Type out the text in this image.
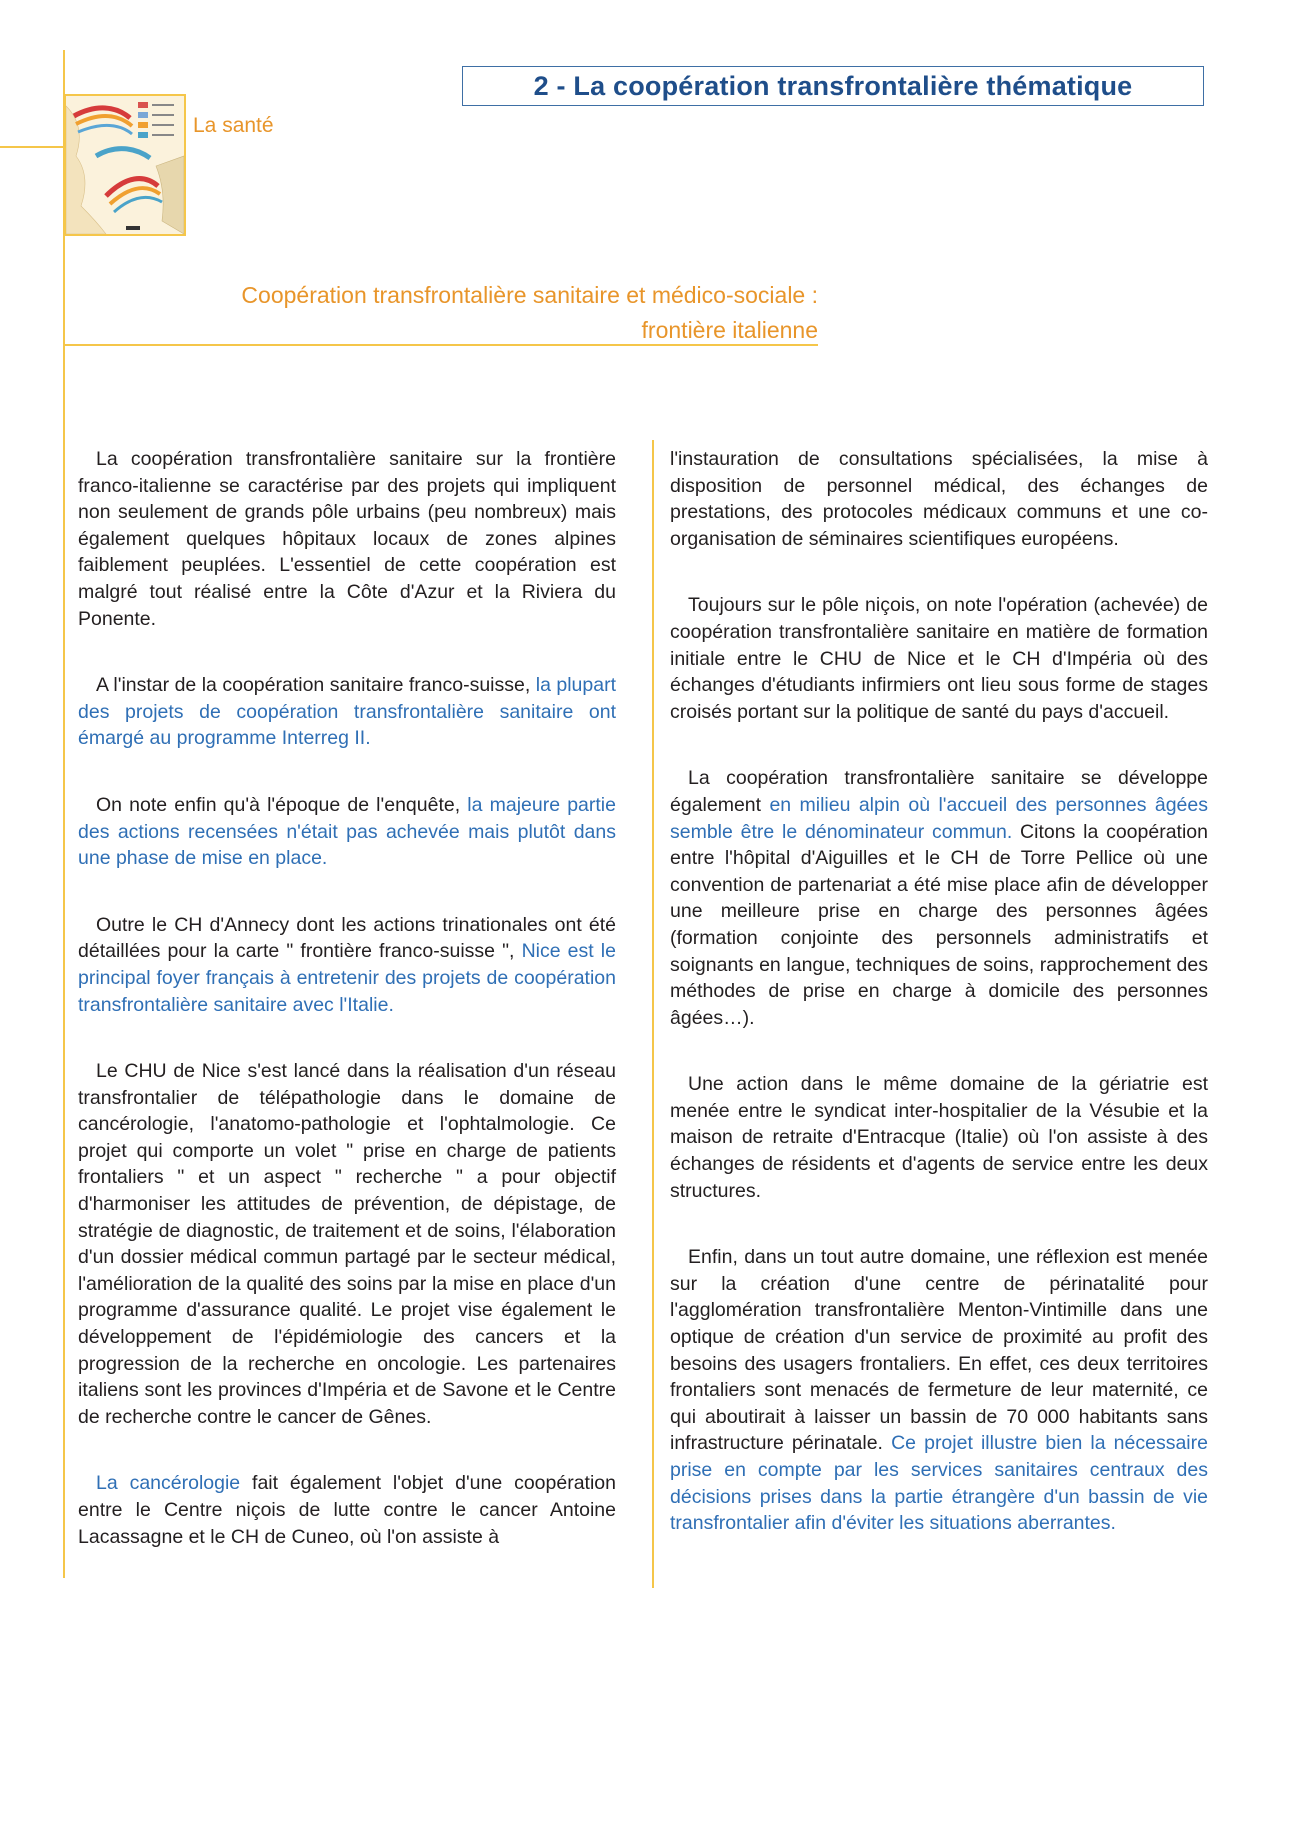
La santé
2 - La coopération transfrontalière thématique
Coopération transfrontalière sanitaire et médico-sociale :
frontière italienne

La coopération transfrontalière sanitaire sur la frontière franco-italienne se caractérise par des projets qui impliquent non seulement de grands pôle urbains (peu nombreux) mais également quelques hôpitaux locaux de zones alpines faiblement peuplées. L'essentiel de cette coopération est malgré tout réalisé entre la Côte d'Azur et la Riviera du Ponente.

A l'instar de la coopération sanitaire franco-suisse, la plupart des projets de coopération transfrontalière sanitaire ont émargé au programme Interreg II.

On note enfin qu'à l'époque de l'enquête, la majeure partie des actions recensées n'était pas achevée mais plutôt dans une phase de mise en place.

Outre le CH d'Annecy dont les actions trinationales ont été détaillées pour la carte " frontière franco-suisse ", Nice est le principal foyer français à entretenir des projets de coopération transfrontalière sanitaire avec l'Italie.

Le CHU de Nice s'est lancé dans la réalisation d'un réseau transfrontalier de télépathologie dans le domaine de cancérologie, l'anatomo-pathologie et l'ophtalmologie. Ce projet qui comporte un volet " prise en charge de patients frontaliers " et un aspect " recherche " a pour objectif d'harmoniser les attitudes de prévention, de dépistage, de stratégie de diagnostic, de traitement et de soins, l'élaboration d'un dossier médical commun partagé par le secteur médical, l'amélioration de la qualité des soins par la mise en place d'un programme d'assurance qualité. Le projet vise également le développement de l'épidémiologie des cancers et la progression de la recherche en oncologie. Les partenaires italiens sont les provinces d'Impéria et de Savone et le Centre de recherche contre le cancer de Gênes.

La cancérologie fait également l'objet d'une coopération entre le Centre niçois de lutte contre le cancer Antoine Lacassagne et le CH de Cuneo, où l'on assiste à

l'instauration de consultations spécialisées, la mise à disposition de personnel médical, des échanges de prestations, des protocoles médicaux communs et une co-organisation de séminaires scientifiques européens.

Toujours sur le pôle niçois, on note l'opération (achevée) de coopération transfrontalière sanitaire en matière de formation initiale entre le CHU de Nice et le CH d'Impéria où des échanges d'étudiants infirmiers ont lieu sous forme de stages croisés portant sur la politique de santé du pays d'accueil.

La coopération transfrontalière sanitaire se développe également en milieu alpin où l'accueil des personnes âgées semble être le dénominateur commun. Citons la coopération entre l'hôpital d'Aiguilles et le CH de Torre Pellice où une convention de partenariat a été mise place afin de développer une meilleure prise en charge des personnes âgées (formation conjointe des personnels administratifs et soignants en langue, techniques de soins, rapprochement des méthodes de prise en charge à domicile des personnes âgées…).

Une action dans le même domaine de la gériatrie est menée entre le syndicat inter-hospitalier de la Vésubie et la maison de retraite d'Entracque (Italie) où l'on assiste à des échanges de résidents et d'agents de service entre les deux structures.

Enfin, dans un tout autre domaine, une réflexion est menée sur la création d'une centre de périnatalité pour l'agglomération transfrontalière Menton-Vintimille dans une optique de création d'un service de proximité au profit des besoins des usagers frontaliers. En effet, ces deux territoires frontaliers sont menacés de fermeture de leur maternité, ce qui aboutirait à laisser un bassin de 70 000 habitants sans infrastructure périnatale. Ce projet illustre bien la nécessaire prise en compte par les services sanitaires centraux des décisions prises dans la partie étrangère d'un bassin de vie transfrontalier afin d'éviter les situations aberrantes.
